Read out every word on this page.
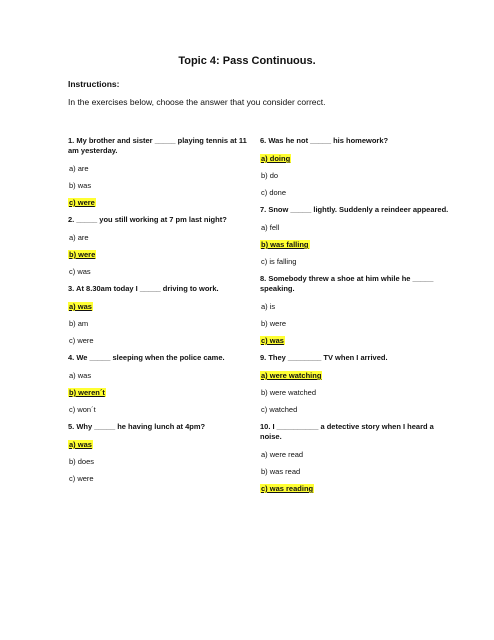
Topic 4: Pass Continuous.
Instructions:
In the exercises below, choose the answer that you consider correct.
1. My brother and sister _____ playing tennis at 11 am yesterday.
a) are
b) was
c) were
2. _____ you still working at 7 pm last night?
a) are
b) were
c) was
3. At 8.30am today I _____ driving to work.
a) was
b) am
c) were
4. We _____ sleeping when the police came.
a) was
b) weren´t
c) won´t
5. Why _____ he having lunch at 4pm?
a) was
b) does
c) were
6. Was he not _____ his homework?
a) doing
b) do
c) done
7. Snow _____ lightly. Suddenly a reindeer appeared.
a) fell
b) was falling
c) is falling
8. Somebody threw a shoe at him while he _____ speaking.
a) is
b) were
c) was
9. They ________ TV when I arrived.
a) were watching
b) were watched
c) watched
10. I __________ a detective story when I heard a noise.
a) were read
b) was read
c) was reading
